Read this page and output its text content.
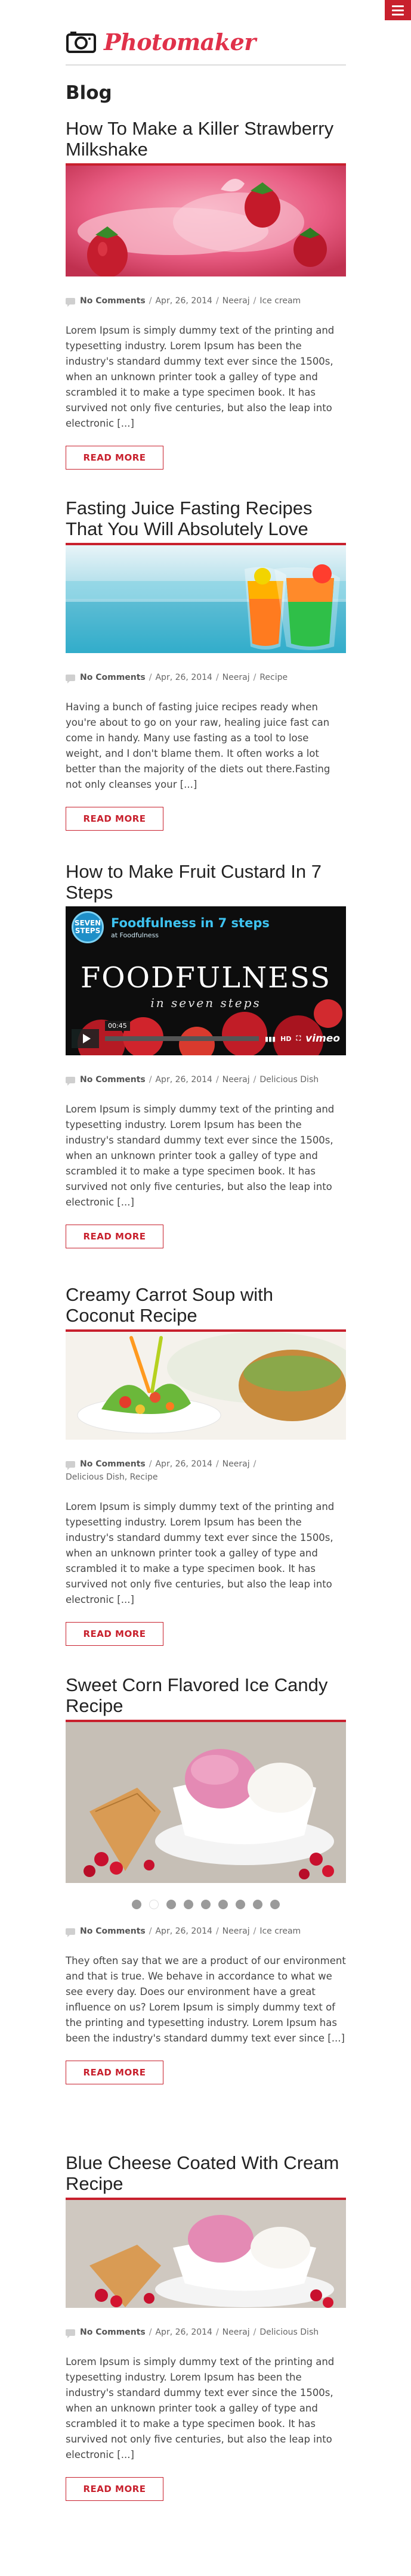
Photomaker
Blog
How To Make a Killer Strawberry Milkshake
No Comments / Apr, 26, 2014 / Neeraj / Ice cream

Lorem Ipsum is simply dummy text of the printing and typesetting industry. Lorem Ipsum has been the industry's standard dummy text ever since the 1500s, when an unknown printer took a galley of type and scrambled it to make a type specimen book. It has survived not only five centuries, but also the leap into electronic [...]

READ MORE
Fasting Juice Fasting Recipes That You Will Absolutely Love
No Comments / Apr, 26, 2014 / Neeraj / Recipe

Having a bunch of fasting juice recipes ready when you're about to go on your raw, healing juice fast can come in handy. Many use fasting as a tool to lose weight, and I don't blame them. It often works a lot better than the majority of the diets out there.Fasting not only cleanses your [...]

READ MORE
How to Make Fruit Custard In 7 Steps
SEVEN STEPS
Foodfulness in 7 steps
at Foodfulness
FOODFULNESS
in seven steps
00:45
▮▮▮ HD ⛶ vimeo
No Comments / Apr, 26, 2014 / Neeraj / Delicious Dish

Lorem Ipsum is simply dummy text of the printing and typesetting industry. Lorem Ipsum has been the industry's standard dummy text ever since the 1500s, when an unknown printer took a galley of type and scrambled it to make a type specimen book. It has survived not only five centuries, but also the leap into electronic [...]

READ MORE
Creamy Carrot Soup with Coconut Recipe
No Comments / Apr, 26, 2014 / Neeraj /
Delicious Dish, Recipe

Lorem Ipsum is simply dummy text of the printing and typesetting industry. Lorem Ipsum has been the industry's standard dummy text ever since the 1500s, when an unknown printer took a galley of type and scrambled it to make a type specimen book. It has survived not only five centuries, but also the leap into electronic [...]

READ MORE
Sweet Corn Flavored Ice Candy Recipe
No Comments / Apr, 26, 2014 / Neeraj / Ice cream

They often say that we are a product of our environment and that is true. We behave in accordance to what we see every day. Does our environment have a great influence on us? Lorem Ipsum is simply dummy text of the printing and typesetting industry. Lorem Ipsum has been the industry's standard dummy text ever since [...]

READ MORE
Blue Cheese Coated With Cream Recipe
No Comments / Apr, 26, 2014 / Neeraj / Delicious Dish

Lorem Ipsum is simply dummy text of the printing and typesetting industry. Lorem Ipsum has been the industry's standard dummy text ever since the 1500s, when an unknown printer took a galley of type and scrambled it to make a type specimen book. It has survived not only five centuries, but also the leap into electronic [...]

READ MORE
